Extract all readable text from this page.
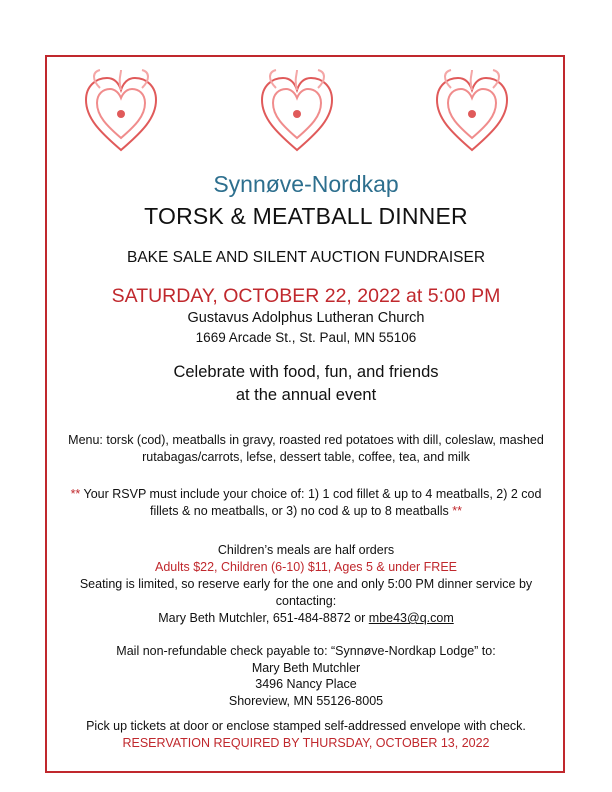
Synnøve-Nordkap

TORSK & MEATBALL DINNER

BAKE SALE AND SILENT AUCTION FUNDRAISER

SATURDAY, OCTOBER 22, 2022 at 5:00 PM

Gustavus Adolphus Lutheran Church

1669 Arcade St., St. Paul, MN 55106

Celebrate with food, fun, and friends

at the annual event

Menu: torsk (cod), meatballs in gravy, roasted red potatoes with dill, coleslaw, mashed rutabagas/carrots, lefse, dessert table, coffee, tea, and milk

** Your RSVP must include your choice of: 1) 1 cod fillet & up to 4 meatballs, 2) 2 cod fillets & no meatballs, or 3) no cod & up to 8 meatballs **

Children’s meals are half orders

Adults $22, Children (6-10) $11, Ages 5 & under FREE

Seating is limited, so reserve early for the one and only 5:00 PM dinner service by contacting:

Mary Beth Mutchler, 651-484-8872 or mbe43@q.com

Mail non-refundable check payable to: “Synnøve-Nordkap Lodge” to:
Mary Beth Mutchler
3496 Nancy Place
Shoreview, MN 55126-8005

Pick up tickets at door or enclose stamped self-addressed envelope with check.

RESERVATION REQUIRED BY THURSDAY, OCTOBER 13, 2022
